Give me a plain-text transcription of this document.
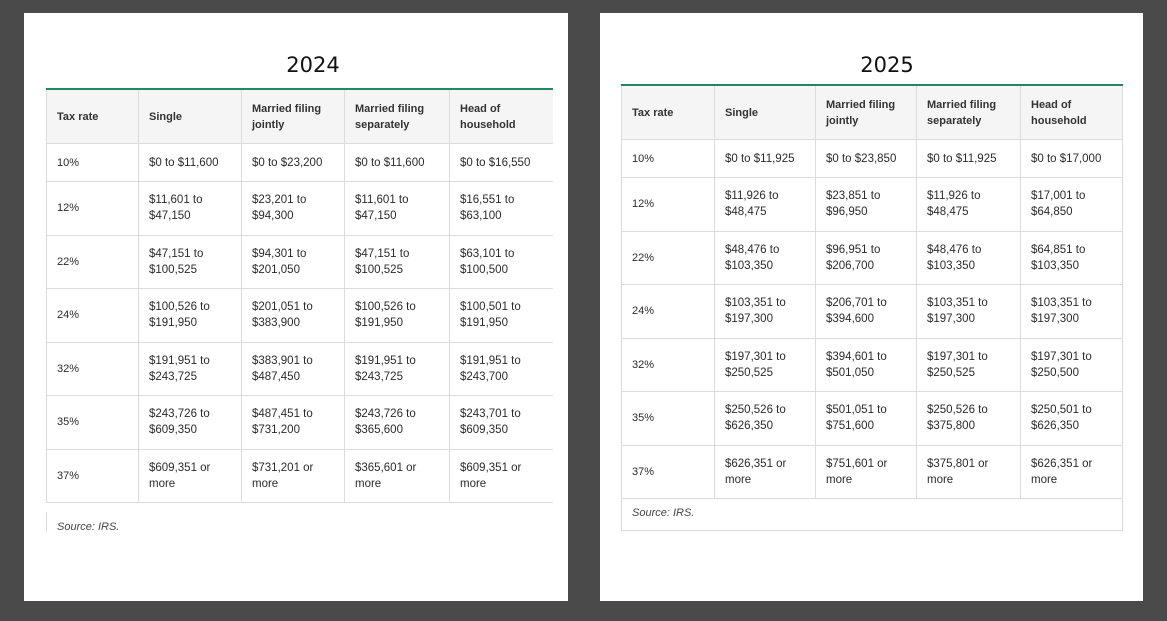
2024
Tax rate	Single	Married filing jointly	Married filing separately	Head of household
10%	$0 to $11,600	$0 to $23,200	$0 to $11,600	$0 to $16,550
12%	$11,601 to $47,150	$23,201 to $94,300	$11,601 to $47,150	$16,551 to $63,100
22%	$47,151 to $100,525	$94,301 to $201,050	$47,151 to $100,525	$63,101 to $100,500
24%	$100,526 to $191,950	$201,051 to $383,900	$100,526 to $191,950	$100,501 to $191,950
32%	$191,951 to $243,725	$383,901 to $487,450	$191,951 to $243,725	$191,951 to $243,700
35%	$243,726 to $609,350	$487,451 to $731,200	$243,726 to $365,600	$243,701 to $609,350
37%	$609,351 or more	$731,201 or more	$365,601 or more	$609,351 or more
Source: IRS.
2025
Tax rate	Single	Married filing jointly	Married filing separately	Head of household
10%	$0 to $11,925	$0 to $23,850	$0 to $11,925	$0 to $17,000
12%	$11,926 to $48,475	$23,851 to $96,950	$11,926 to $48,475	$17,001 to $64,850
22%	$48,476 to $103,350	$96,951 to $206,700	$48,476 to $103,350	$64,851 to $103,350
24%	$103,351 to $197,300	$206,701 to $394,600	$103,351 to $197,300	$103,351 to $197,300
32%	$197,301 to $250,525	$394,601 to $501,050	$197,301 to $250,525	$197,301 to $250,500
35%	$250,526 to $626,350	$501,051 to $751,600	$250,526 to $375,800	$250,501 to $626,350
37%	$626,351 or more	$751,601 or more	$375,801 or more	$626,351 or more
Source: IRS.
